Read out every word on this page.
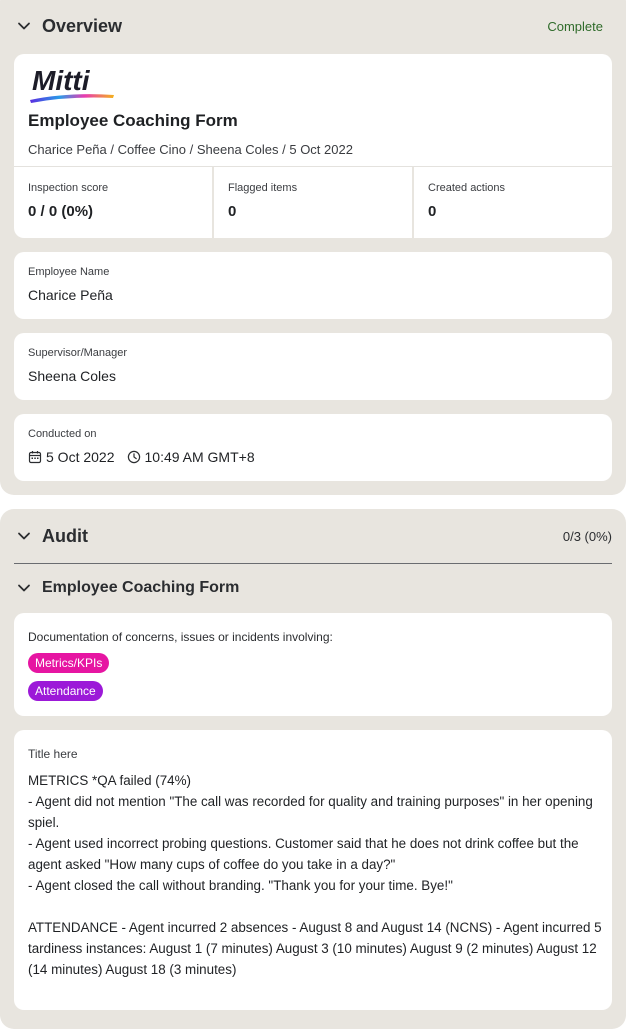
Overview	Complete
Mitti
Employee Coaching Form
Charice Peña / Coffee Cino / Sheena Coles / 5 Oct 2022
Inspection score
0 / 0 (0%)
Flagged items
0
Created actions
0
Employee Name
Charice Peña
Supervisor/Manager
Sheena Coles
Conducted on
5 Oct 2022 10:49 AM GMT+8
Audit	0/3 (0%)
Employee Coaching Form
Documentation of concerns, issues or incidents involving:
Metrics/KPIs
Attendance
Title here

METRICS *QA failed (74%)

- Agent did not mention "The call was recorded for quality and training purposes" in her opening spiel.

- Agent used incorrect probing questions. Customer said that he does not drink coffee but the agent asked "How many cups of coffee do you take in a day?"

- Agent closed the call without branding. "Thank you for your time. Bye!"

ATTENDANCE - Agent incurred 2 absences - August 8 and August 14 (NCNS) - Agent incurred 5 tardiness instances: August 1 (7 minutes) August 3 (10 minutes) August 9 (2 minutes) August 12 (14 minutes) August 18 (3 minutes)
